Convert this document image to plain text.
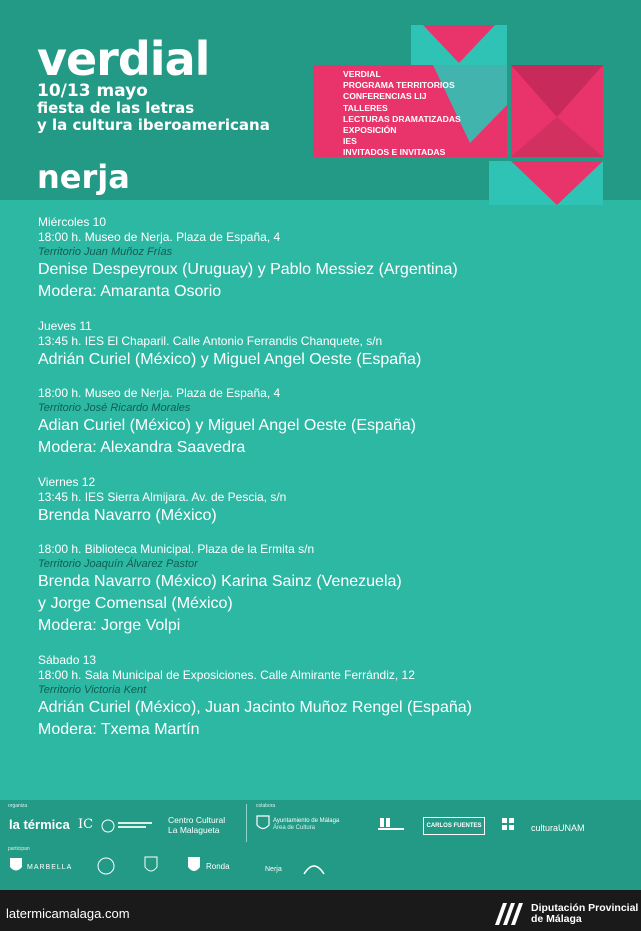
verdial
10/13 mayo
fiesta de las letras
y la cultura iberoamericana
nerja
VERDIAL
PROGRAMA TERRITORIOS
CONFERENCIAS LIJ
TALLERES
LECTURAS DRAMATIZADAS
EXPOSICIÓN
IES
INVITADOS E INVITADAS
Miércoles 10
18:00 h. Museo de Nerja. Plaza de España, 4
Territorio Juan Muñoz Frías
Denise Despeyroux (Uruguay) y Pablo Messiez (Argentina)
Modera: Amaranta Osorio
Jueves 11
13:45 h. IES El Chaparil. Calle Antonio Ferrandis Chanquete, s/n
Adrián Curiel (México) y Miguel Angel Oeste (España)
18:00 h. Museo de Nerja. Plaza de España, 4
Territorio José Ricardo Morales
Adian Curiel (México) y Miguel Angel Oeste (España)
Modera: Alexandra Saavedra
Viernes 12
13:45 h. IES Sierra Almijara. Av. de Pescia, s/n
Brenda Navarro (México)
18:00 h. Biblioteca Municipal. Plaza de la Ermita s/n
Territorio Joaquín Álvarez Pastor
Brenda Navarro (México) Karina Sainz (Venezuela)
y Jorge Comensal (México)
Modera: Jorge Volpi
Sábado 13
18:00 h. Sala Municipal de Exposiciones. Calle Almirante Ferrándiz, 12
Territorio Victoria Kent
Adrián Curiel (México), Juan Jacinto Muñoz Rengel (España)
Modera: Txema Martín
organiza	colabora
participan
la térmica IC	Centro Cultural
La Malagueta
Ayuntamiento de Málaga
Área de Cultura	CARLOS FUENTES	culturaUNAM
MARBELLA	Ronda	Nerja
latermicamalaga.com	Diputación Provincial
de Málaga
